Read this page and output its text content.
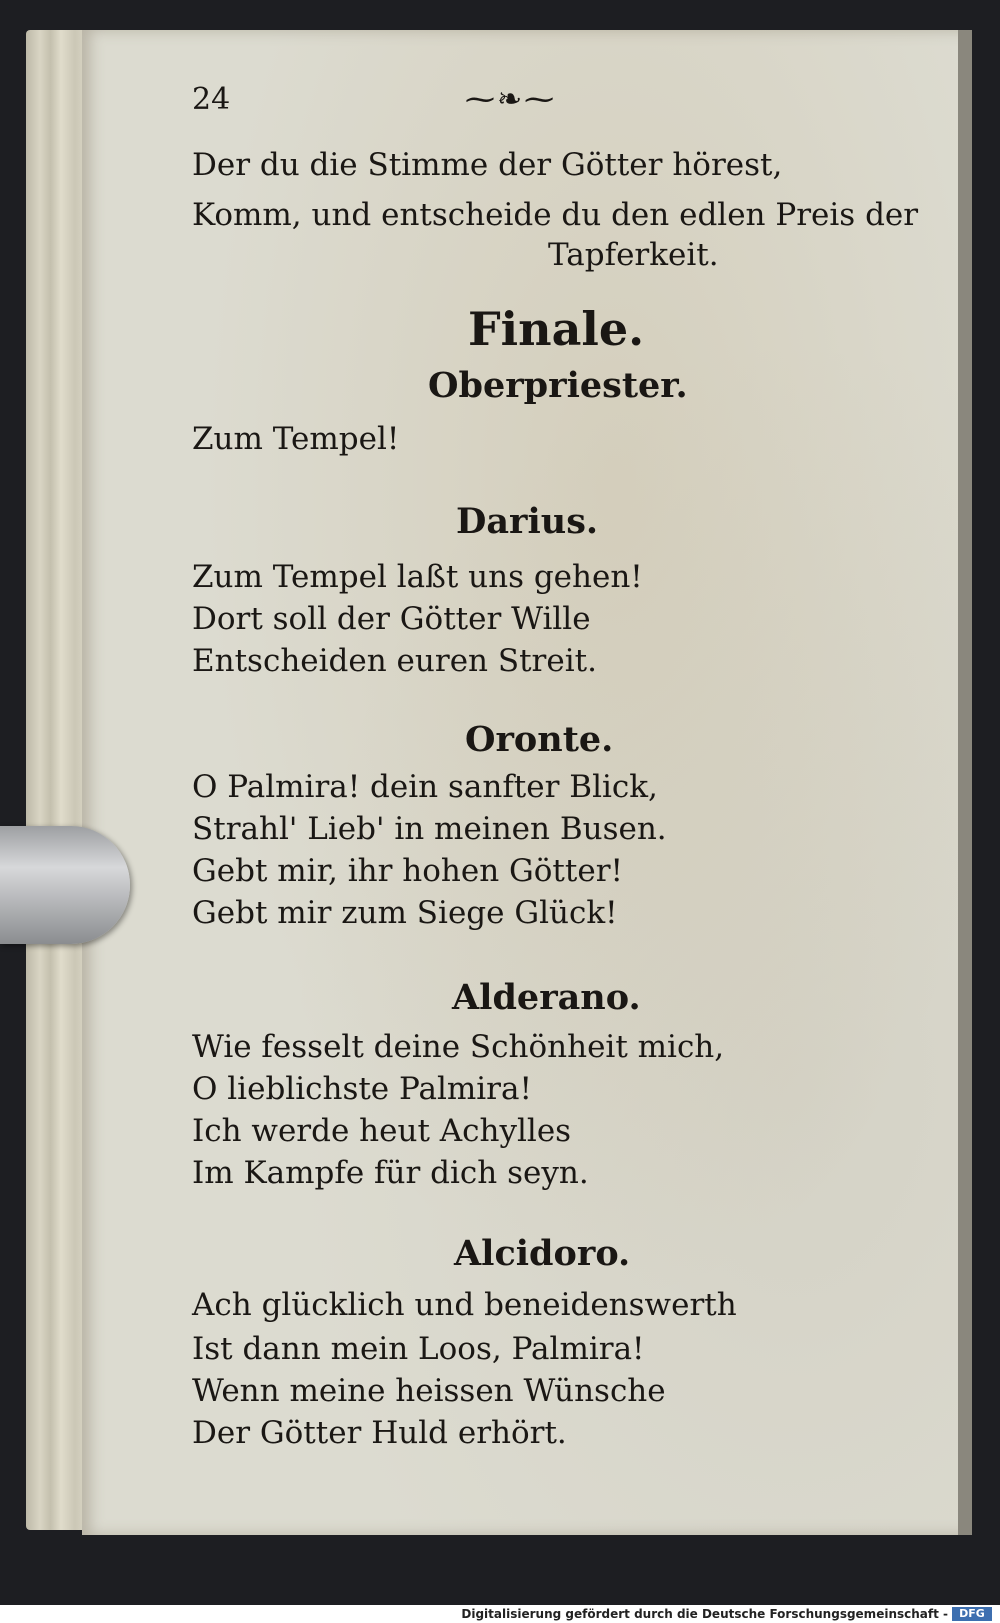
24	⁓❧⁓
Der du die Stimme der Götter hörest,
Komm, und entscheide du den edlen Preis der
Tapferkeit.
Finale.
Oberpriester.
Zum Tempel!
Darius.
Zum Tempel laßt uns gehen!
Dort soll der Götter Wille
Entscheiden euren Streit.
Oronte.
O Palmira! dein sanfter Blick,
Strahl' Lieb' in meinen Busen.
Gebt mir, ihr hohen Götter!
Gebt mir zum Siege Glück!
Alderano.
Wie fesselt deine Schönheit mich,
O lieblichste Palmira!
Ich werde heut Achylles
Im Kampfe für dich seyn.
Alcidoro.
Ach glücklich und beneidenswerth
Ist dann mein Loos, Palmira!
Wenn meine heissen Wünsche
Der Götter Huld erhört.
Digitalisierung gefördert durch die Deutsche Forschungsgemeinschaft -	DFG
